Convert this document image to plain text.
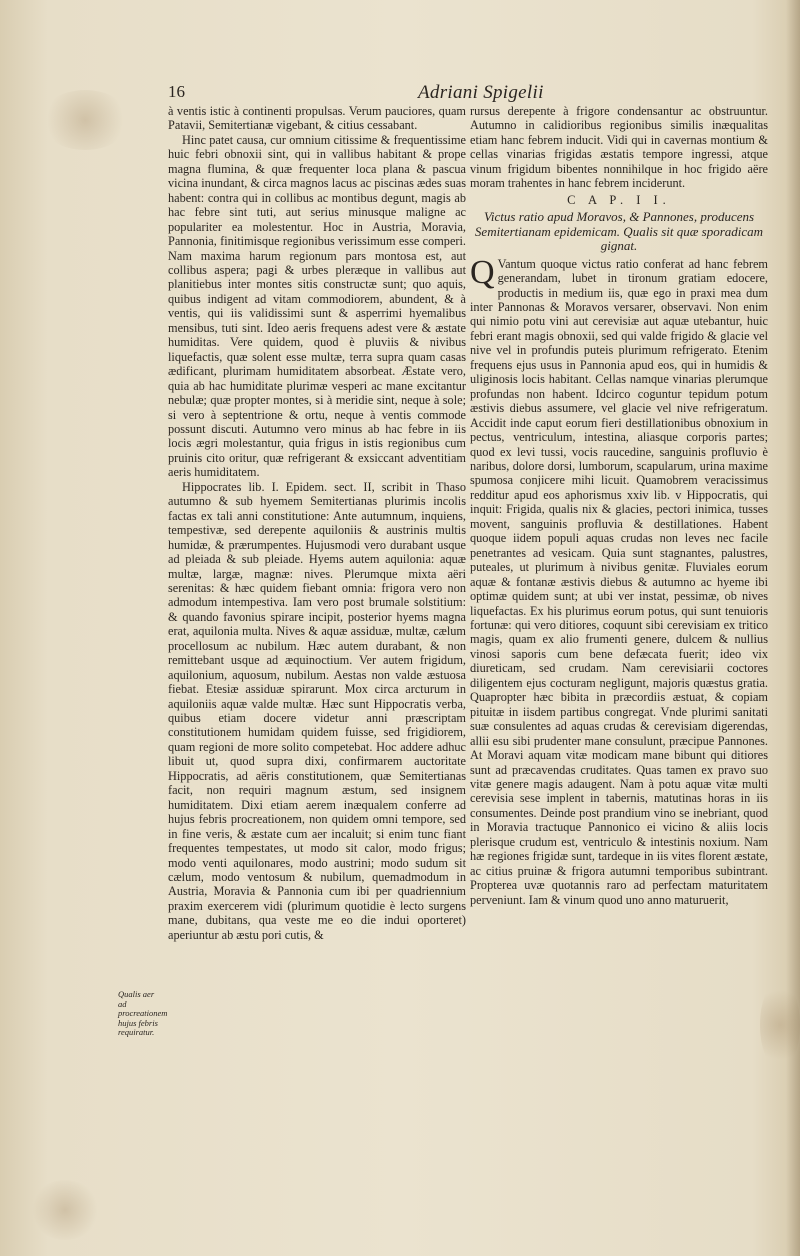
16	Adriani Spigelii

à ventis istic à continenti propulsas. Verum pauciores, quam Patavii, Semitertianæ vigebant, & citius cessabant.

Hinc patet causa, cur omnium citissime & frequentissime huic febri obnoxii sint, qui in vallibus habitant & prope magna flumina, & quæ frequenter loca plana & pascua vicina inundant, & circa magnos lacus ac piscinas ædes suas habent: contra qui in collibus ac montibus degunt, magis ab hac febre sint tuti, aut serius minusque maligne ac populariter ea molestentur. Hoc in Austria, Moravia, Pannonia, finitimisque regionibus verissimum esse comperi. Nam maxima harum regionum pars montosa est, aut collibus aspera; pagi & urbes pleræque in vallibus aut planitiebus inter montes sitis constructæ sunt; quo aquis, quibus indigent ad vitam commodiorem, abundent, & à ventis, qui iis validissimi sunt & asperrimi hyemalibus mensibus, tuti sint. Ideo aeris frequens adest vere & æstate humiditas. Vere quidem, quod è pluviis & nivibus liquefactis, quæ solent esse multæ, terra supra quam casas ædificant, plurimam humiditatem absorbeat. Æstate vero, quia ab hac humiditate plurimæ vesperi ac mane excitantur nebulæ; quæ propter montes, si à meridie sint, neque à sole; si vero à septentrione & ortu, neque à ventis commode possunt discuti. Autumno vero minus ab hac febre in iis locis ægri molestantur, quia frigus in istis regionibus cum pruinis cito oritur, quæ refrigerant & exsiccant adventitiam aeris humiditatem.

Hippocrates lib. I. Epidem. sect. II, scribit in Thaso autumno & sub hyemem Semitertianas plurimis incolis factas ex tali anni constitutione: Ante autumnum, inquiens, tempestivæ, sed derepente aquiloniis & austrinis multis humidæ, & prærumpentes. Hujusmodi vero durabant usque ad pleiada & sub pleiade. Hyems autem aquilonia: aquæ multæ, largæ, magnæ: nives. Plerumque mixta aëri serenitas: & hæc quidem fiebant omnia: frigora vero non admodum intempestiva. Iam vero post brumale solstitium: & quando favonius spirare incipit, posterior hyems magna erat, aquilonia multa. Nives & aquæ assiduæ, multæ, cælum procellosum ac nubilum. Hæc autem durabant, & non remittebant usque ad æquinoctium. Ver autem frigidum, aquilonium, aquosum, nubilum. Aestas non valde æstuosa fiebat. Etesiæ assiduæ spirarunt. Mox circa arcturum in aquiloniis aquæ valde multæ. Hæc sunt Hippocratis verba, quibus etiam docere videtur anni præscriptam constitutionem humidam quidem fuisse, sed frigidiorem, quam regioni de more solito competebat. Hoc addere adhuc libuit ut, quod supra dixi, confirmarem auctoritate Hippocratis, ad aëris constitutionem, quæ Semitertianas facit, non requiri magnum æstum, sed insignem humiditatem. Dixi etiam aerem inæqualem conferre ad hujus febris procreationem, non quidem omni tempore, sed in fine veris, & æstate cum aer incaluit; si enim tunc fiant frequentes tempestates, ut modo sit calor, modo frigus; modo venti aquilonares, modo austrini; modo sudum sit cælum, modo ventosum & nubilum, quemadmodum in Austria, Moravia & Pannonia cum ibi per quadriennium praxim exercerem vidi (plurimum quotidie è lecto surgens mane, dubitans, qua veste me eo die indui oporteret) aperiuntur ab æstu pori cutis, &

Qualis aer ad procreationem hujus febris requiratur.

rursus derepente à frigore condensantur ac obstruuntur. Autumno in calidioribus regionibus similis inæqualitas etiam hanc febrem inducit. Vidi qui in cavernas montium & cellas vinarias frigidas æstatis tempore ingressi, atque vinum frigidum bibentes nonnihilque in hoc frigido aëre moram trahentes in hanc febrem inciderunt.

C A P. I I.
Victus ratio apud Moravos, & Pannones, producens Semitertianam epidemicam. Qualis sit quæ sporadicam gignat.

Q Vantum quoque victus ratio conferat ad hanc febrem generandam, lubet in tironum gratiam edocere, productis in medium iis, quæ ego in praxi mea dum inter Pannonas & Moravos versarer, observavi. Non enim qui nimio potu vini aut cerevisiæ aut aquæ utebantur, huic febri erant magis obnoxii, sed qui valde frigido & glacie vel nive vel in profundis puteis plurimum refrigerato. Etenim frequens ejus usus in Pannonia apud eos, qui in humidis & uliginosis locis habitant. Cellas namque vinarias plerumque profundas non habent. Idcirco coguntur tepidum potum æstivis diebus assumere, vel glacie vel nive refrigeratum. Accidit inde caput eorum fieri destillationibus obnoxium in pectus, ventriculum, intestina, aliasque corporis partes; quod ex levi tussi, vocis raucedine, sanguinis profluvio è naribus, dolore dorsi, lumborum, scapularum, urina maxime spumosa conjicere mihi licuit. Quamobrem veracissimus redditur apud eos aphorismus xxiv lib. v Hippocratis, qui inquit: Frigida, qualis nix & glacies, pectori inimica, tusses movent, sanguinis profluvia & destillationes. Habent quoque iidem populi aquas crudas non leves nec facile penetrantes ad vesicam. Quia sunt stagnantes, palustres, puteales, ut plurimum à nivibus genitæ. Fluviales eorum aquæ & fontanæ æstivis diebus & autumno ac hyeme ibi optimæ quidem sunt; at ubi ver instat, pessimæ, ob nives liquefactas. Ex his plurimus eorum potus, qui sunt tenuioris fortunæ: qui vero ditiores, coquunt sibi cerevisiam ex tritico magis, quam ex alio frumenti genere, dulcem & nullius vinosi saporis cum bene defæcata fuerit; ideo vix diureticam, sed crudam. Nam cerevisiarii coctores diligentem ejus cocturam negligunt, majoris quæstus gratia. Quapropter hæc bibita in præcordiis æstuat, & copiam pituitæ in iisdem partibus congregat. Vnde plurimi sanitati suæ consulentes ad aquas crudas & cerevisiam digerendas, allii esu sibi prudenter mane consulunt, præcipue Pannones. At Moravi aquam vitæ modicam mane bibunt qui ditiores sunt ad præcavendas cruditates. Quas tamen ex pravo suo vitæ genere magis adaugent. Nam à potu aquæ vitæ multi cerevisia sese implent in tabernis, matutinas horas in iis consumentes. Deinde post prandium vino se inebriant, quod in Moravia tractuque Pannonico ei vicino & aliis locis plerisque crudum est, ventriculo & intestinis noxium. Nam hæ regiones frigidæ sunt, tardeque in iis vites florent æstate, ac citius pruinæ & frigora autumni temporibus subintrant. Propterea uvæ quotannis raro ad perfectam maturitatem perveniunt. Iam & vinum quod uno anno maturuerit,
